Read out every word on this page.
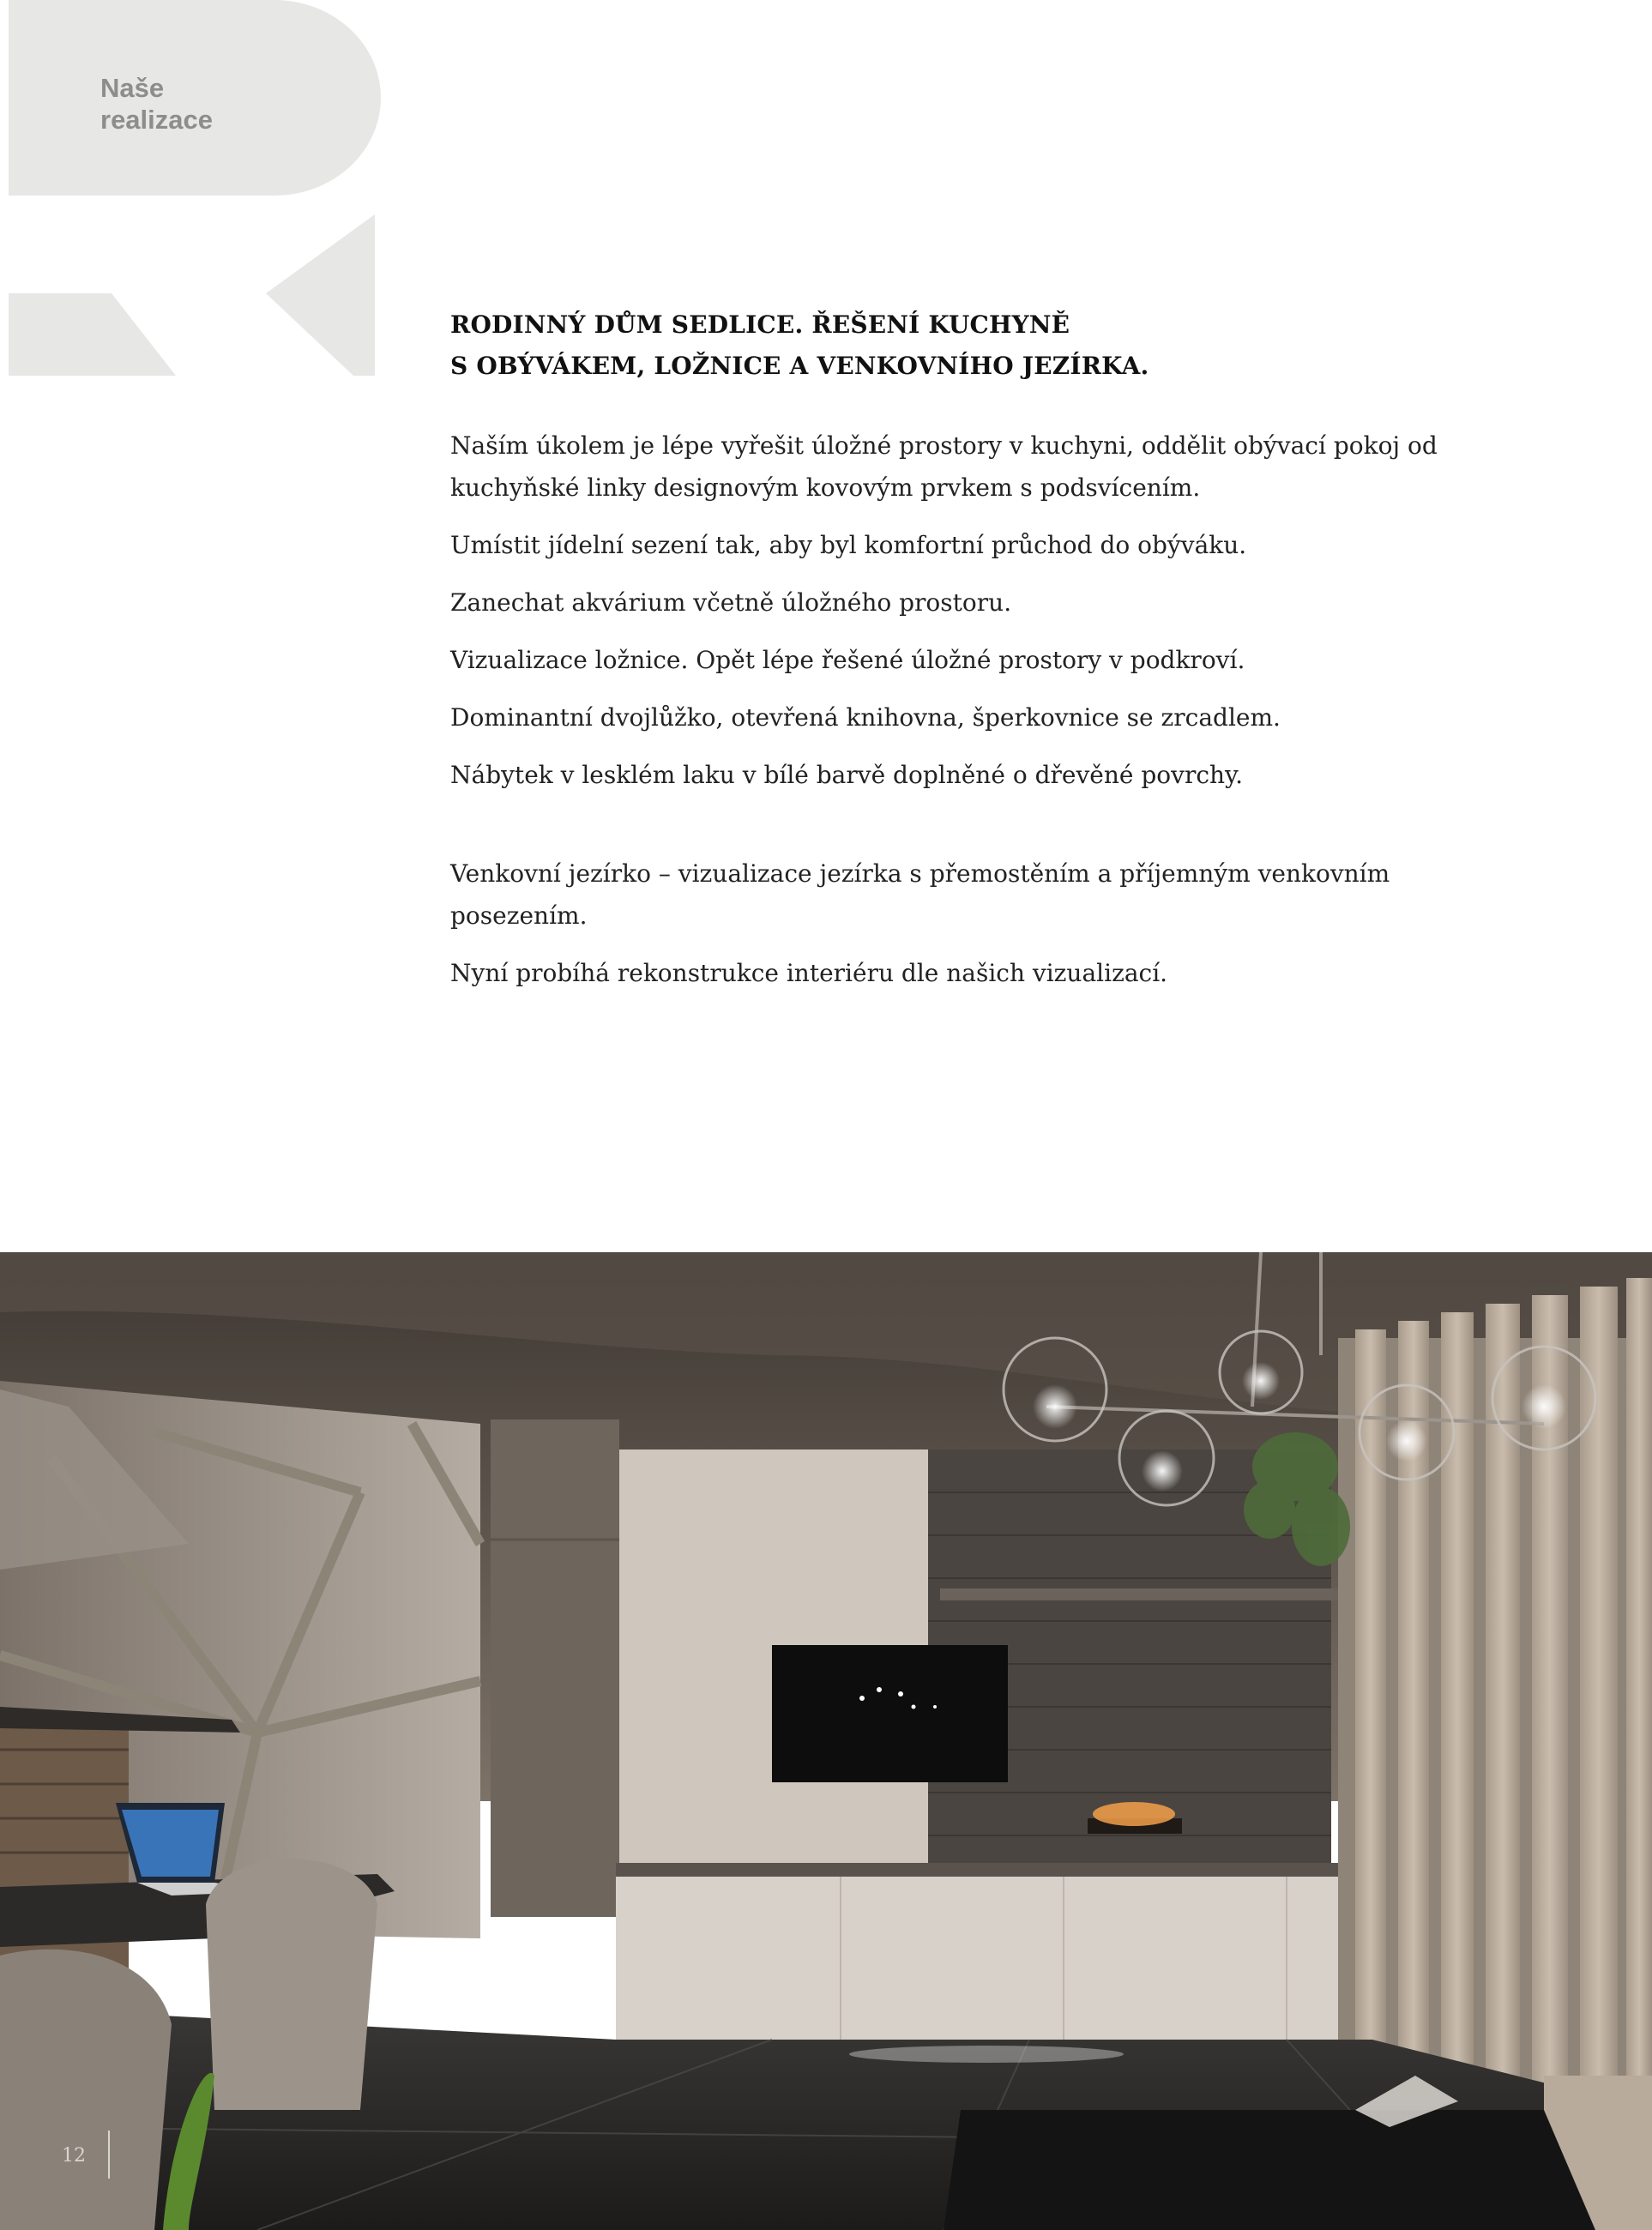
Naše
realizace
RODINNÝ DŮM SEDLICE. ŘEŠENÍ KUCHYNĚ
S OBÝVÁKEM, LOŽNICE A VENKOVNÍHO JEZÍRKA.

Naším úkolem je lépe vyřešit úložné prostory v kuchyni, oddělit obývací pokoj od kuchyňské linky designovým kovovým prvkem s podsvícením.

Umístit jídelní sezení tak, aby byl komfortní průchod do obýváku.

Zanechat akvárium včetně úložného prostoru.

Vizualizace ložnice. Opět lépe řešené úložné prostory v podkroví.

Dominantní dvojlůžko, otevřená knihovna, šperkovnice se zrcadlem.

Nábytek v lesklém laku v bílé barvě doplněné o dřevěné povrchy.

Venkovní jezírko – vizualizace jezírka s přemostěním a příjemným venkovním posezením.

Nyní probíhá rekonstrukce interiéru dle našich vizualizací.

12
